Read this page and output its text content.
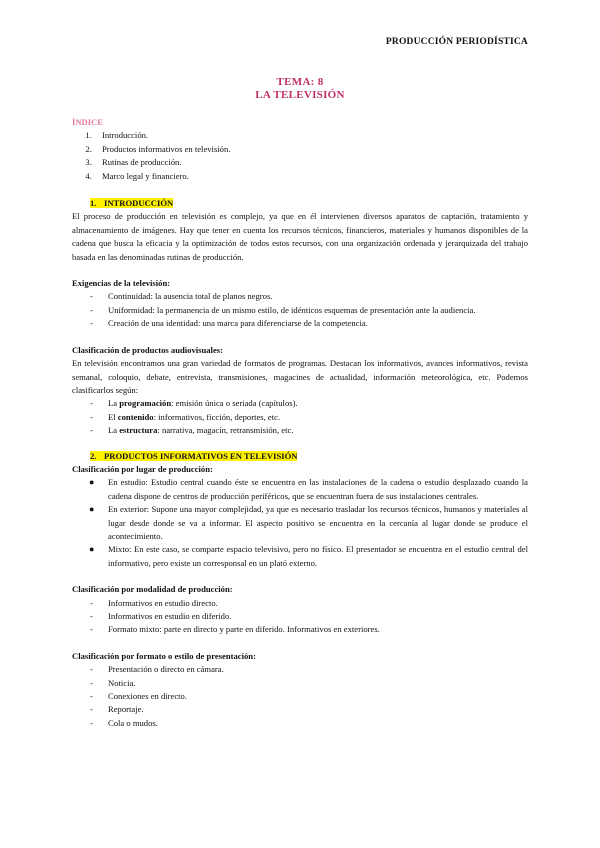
PRODUCCIÓN PERIODÍSTICA
TEMA: 8
LA TELEVISIÓN
ÍNDICE
1. Introducción.
2. Productos informativos en televisión.
3. Rutinas de producción.
4. Marco legal y financiero.
1. INTRODUCCIÓN

El proceso de producción en televisión es complejo, ya que en él intervienen diversos aparatos de captación, tratamiento y almacenamiento de imágenes. Hay que tener en cuenta los recursos técnicos, financieros, materiales y humanos disponibles de la cadena que busca la eficacia y la optimización de todos estos recursos, con una organización ordenada y jerarquizada del trabajo basada en las denominadas rutinas de producción.

Exigencias de la televisión:
- Continuidad: la ausencia total de planos negros.
- Uniformidad: la permanencia de un mismo estilo, de idénticos esquemas de presentación ante la audiencia.
- Creación de una identidad: una marca para diferenciarse de la competencia.
Clasificación de productos audiovisuales:

En televisión encontramos una gran variedad de formatos de programas. Destacan los informativos, avances informativos, revista semanal, coloquio, debate, entrevista, transmisiones, magacines de actualidad, información meteorológica, etc. Podemos clasificarlos según:

- La programación: emisión única o seriada (capítulos).
- El contenido: informativos, ficción, deportes, etc.
- La estructura: narrativa, magacín, retransmisión, etc.
2. PRODUCTOS INFORMATIVOS EN TELEVISIÓN
Clasificación por lugar de producción:
● En estudio: Estudio central cuando éste se encuentra en las instalaciones de la cadena o estudio desplazado cuando la cadena dispone de centros de producción periféricos, que se encuentran fuera de sus instalaciones centrales.
● En exterior: Supone una mayor complejidad, ya que es necesario trasladar los recursos técnicos, humanos y materiales al lugar desde donde se va a informar. El aspecto positivo se encuentra en la cercanía al lugar donde se produce el acontecimiento.
● Mixto: En este caso, se comparte espacio televisivo, pero no físico. El presentador se encuentra en el estudio central del informativo, pero existe un corresponsal en un plató externo.
Clasificación por modalidad de producción:
- Informativos en estudio directo.
- Informativos en estudio en diferido.
- Formato mixto: parte en directo y parte en diferido. Informativos en exteriores.
Clasificación por formato o estilo de presentación:
- Presentación o directo en cámara.
- Noticia.
- Conexiones en directo.
- Reportaje.
- Cola o mudos.
